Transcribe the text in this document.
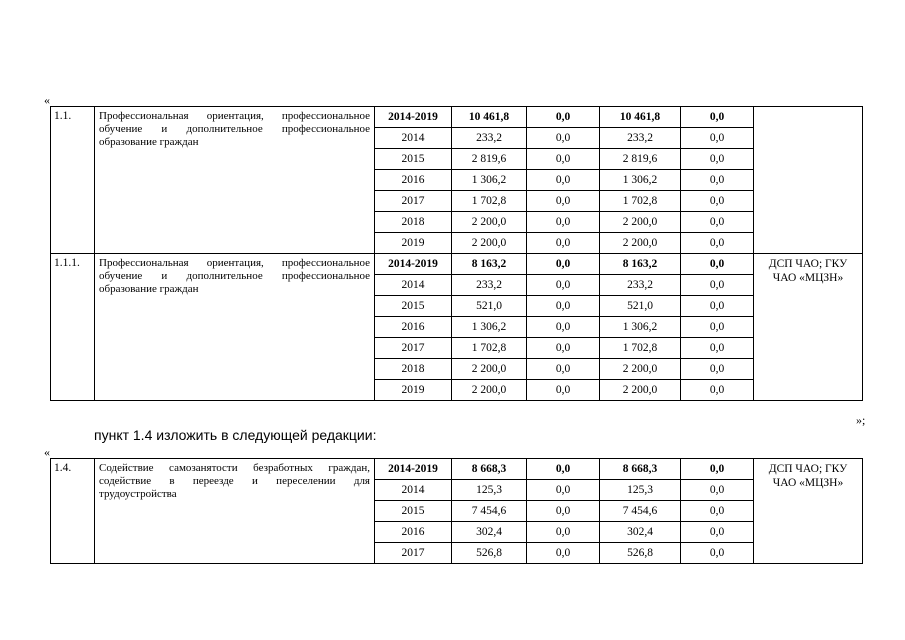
«
1.1.	Профессиональная ориентация, профессиональное обучение и дополнительное профессиональное образование граждан	2014-2019	10 461,8	0,0	10 461,8	0,0	
		2014	233,2	0,0	233,2	0,0	
		2015	2 819,6	0,0	2 819,6	0,0	
		2016	1 306,2	0,0	1 306,2	0,0	
		2017	1 702,8	0,0	1 702,8	0,0	
		2018	2 200,0	0,0	2 200,0	0,0	
		2019	2 200,0	0,0	2 200,0	0,0	
1.1.1.	Профессиональная ориентация, профессиональное обучение и дополнительное профессиональное образование граждан	2014-2019	8 163,2	0,0	8 163,2	0,0	ДСП ЧАО; ГКУ ЧАО «МЦЗН»
		2014	233,2	0,0	233,2	0,0	
		2015	521,0	0,0	521,0	0,0	
		2016	1 306,2	0,0	1 306,2	0,0	
		2017	1 702,8	0,0	1 702,8	0,0	
		2018	2 200,0	0,0	2 200,0	0,0	
		2019	2 200,0	0,0	2 200,0	0,0	
»;
пункт 1.4 изложить в следующей редакции:
«
1.4.	Содействие самозанятости безработных граждан, содействие в переезде и переселении для трудоустройства	2014-2019	8 668,3	0,0	8 668,3	0,0	ДСП ЧАО; ГКУ ЧАО «МЦЗН»
		2014	125,3	0,0	125,3	0,0	
		2015	7 454,6	0,0	7 454,6	0,0	
		2016	302,4	0,0	302,4	0,0	
		2017	526,8	0,0	526,8	0,0	
